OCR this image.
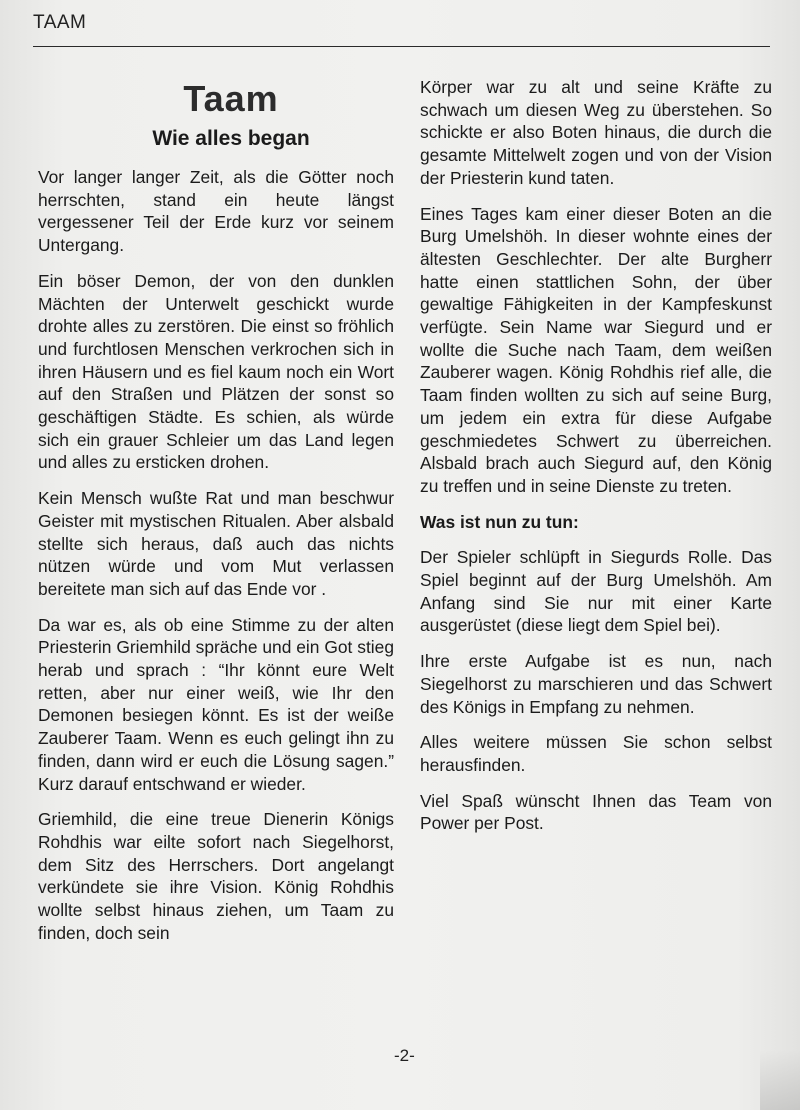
TAAM
Taam
Wie alles began

Vor langer langer Zeit, als die Götter noch herrschten, stand ein heute längst vergessener Teil der Erde kurz vor seinem Untergang.

Ein böser Demon, der von den dunklen Mächten der Unterwelt geschickt wurde drohte alles zu zerstören. Die einst so fröhlich und furchtlosen Menschen verkrochen sich in ihren Häusern und es fiel kaum noch ein Wort auf den Straßen und Plätzen der sonst so geschäftigen Städte. Es schien, als würde sich ein grauer Schleier um das Land legen und alles zu ersticken drohen.

Kein Mensch wußte Rat und man beschwur Geister mit mystischen Ritualen. Aber alsbald stellte sich heraus, daß auch das nichts nützen würde und vom Mut verlassen bereitete man sich auf das Ende vor .

Da war es, als ob eine Stimme zu der alten Priesterin Griemhild spräche und ein Got stieg herab und sprach : “Ihr könnt eure Welt retten, aber nur einer weiß, wie Ihr den Demonen besiegen könnt. Es ist der weiße Zauberer Taam. Wenn es euch gelingt ihn zu finden, dann wird er euch die Lösung sagen.” Kurz darauf entschwand er wieder.

Griemhild, die eine treue Dienerin Königs Rohdhis war eilte sofort nach Siegelhorst, dem Sitz des Herrschers. Dort angelangt verkündete sie ihre Vision. König Rohdhis wollte selbst hinaus ziehen, um Taam zu finden, doch sein

Körper war zu alt und seine Kräfte zu schwach um diesen Weg zu überstehen. So schickte er also Boten hinaus, die durch die gesamte Mittelwelt zogen und von der Vision der Priesterin kund taten.

Eines Tages kam einer dieser Boten an die Burg Umelshöh. In dieser wohnte eines der ältesten Geschlechter. Der alte Burgherr hatte einen stattlichen Sohn, der über gewaltige Fähigkeiten in der Kampfeskunst verfügte. Sein Name war Siegurd und er wollte die Suche nach Taam, dem weißen Zauberer wagen. König Rohdhis rief alle, die Taam finden wollten zu sich auf seine Burg, um jedem ein extra für diese Aufgabe geschmiedetes Schwert zu überreichen. Alsbald brach auch Siegurd auf, den König zu treffen und in seine Dienste zu treten.

Was ist nun zu tun:

Der Spieler schlüpft in Siegurds Rolle. Das Spiel beginnt auf der Burg Umelshöh. Am Anfang sind Sie nur mit einer Karte ausgerüstet (diese liegt dem Spiel bei).

Ihre erste Aufgabe ist es nun, nach Siegelhorst zu marschieren und das Schwert des Königs in Empfang zu nehmen.

Alles weitere müssen Sie schon selbst herausfinden.

Viel Spaß wünscht Ihnen das Team von Power per Post.

-2-
